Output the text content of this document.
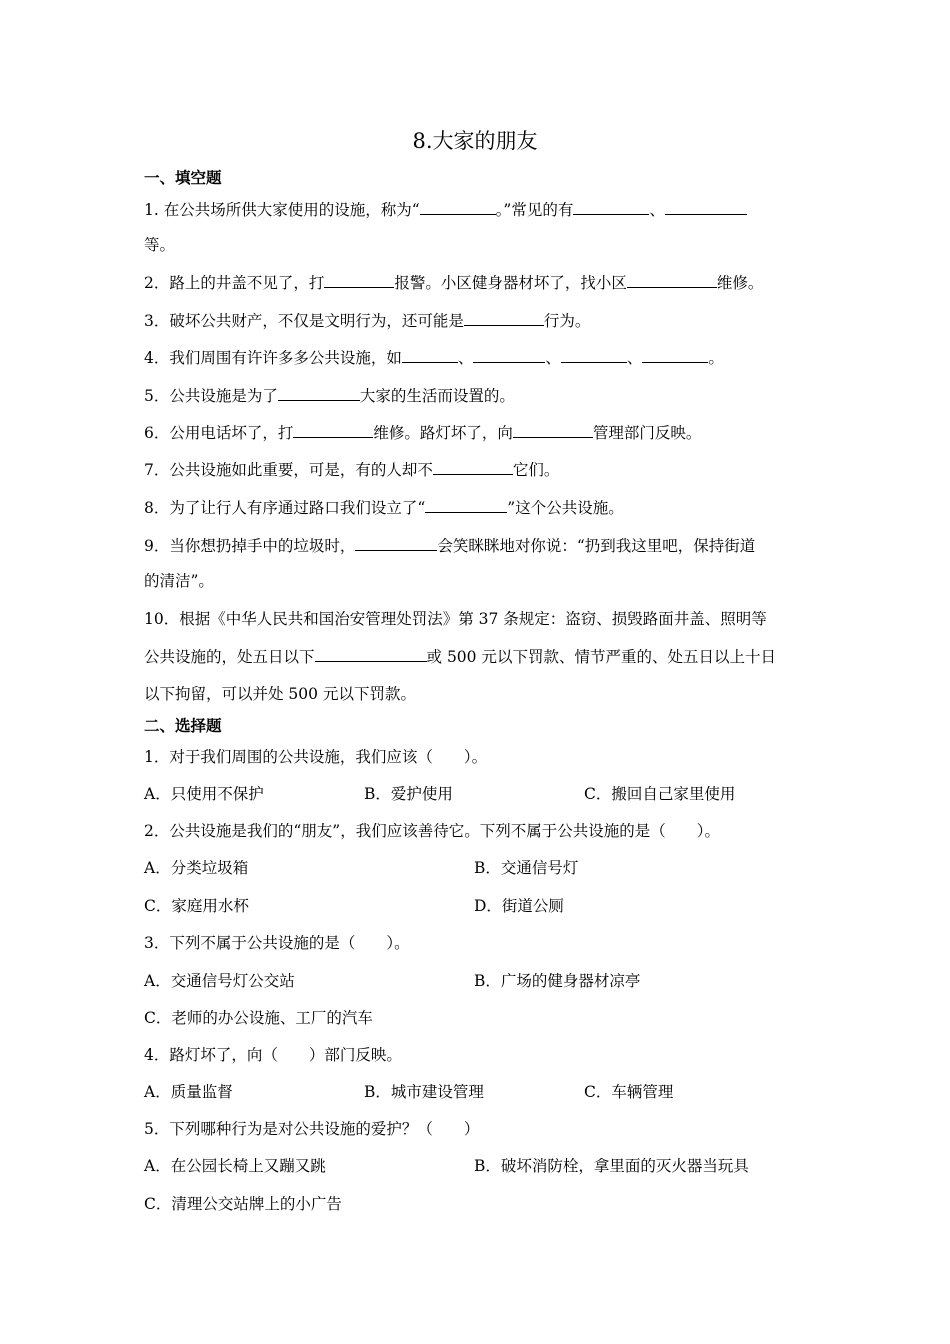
8.大家的朋友
一、填空题
1. 在公共场所供大家使用的设施，称为“	。”常见的有	、
等。
2．路上的井盖不见了，打	报警。小区健身器材坏了，找小区	维修。
3．破坏公共财产，不仅是文明行为，还可能是	行为。
4．我们周围有许许多多公共设施，如	、	、	、	。
5．公共设施是为了	大家的生活而设置的。
6．公用电话坏了，打	维修。路灯坏了，向	管理部门反映。
7．公共设施如此重要，可是，有的人却不	它们。
8．为了让行人有序通过路口我们设立了“	”这个公共设施。
9．当你想扔掉手中的垃圾时，	会笑眯眯地对你说：“扔到我这里吧，保持街道
的清洁”。
10．根据《中华人民共和国治安管理处罚法》第 37 条规定：盗窃、损毁路面井盖、照明等
公共设施的，处五日以下	或 500 元以下罚款、情节严重的、处五日以上十日
以下拘留，可以并处 500 元以下罚款。
二、选择题
1．对于我们周围的公共设施，我们应该（　　）。
A．只使用不保护	B．爱护使用	C．搬回自己家里使用
2．公共设施是我们的“朋友”，我们应该善待它。下列不属于公共设施的是（　　）。
A．分类垃圾箱	B．交通信号灯
C．家庭用水杯	D．街道公厕
3．下列不属于公共设施的是（　　）。
A．交通信号灯公交站	B．广场的健身器材凉亭
C．老师的办公设施、工厂的汽车
4．路灯坏了，向（　　）部门反映。
A．质量监督	B．城市建设管理	C．车辆管理
5．下列哪种行为是对公共设施的爱护？（　　）
A．在公园长椅上又蹦又跳	B．破坏消防栓，拿里面的灭火器当玩具
C．清理公交站牌上的小广告
